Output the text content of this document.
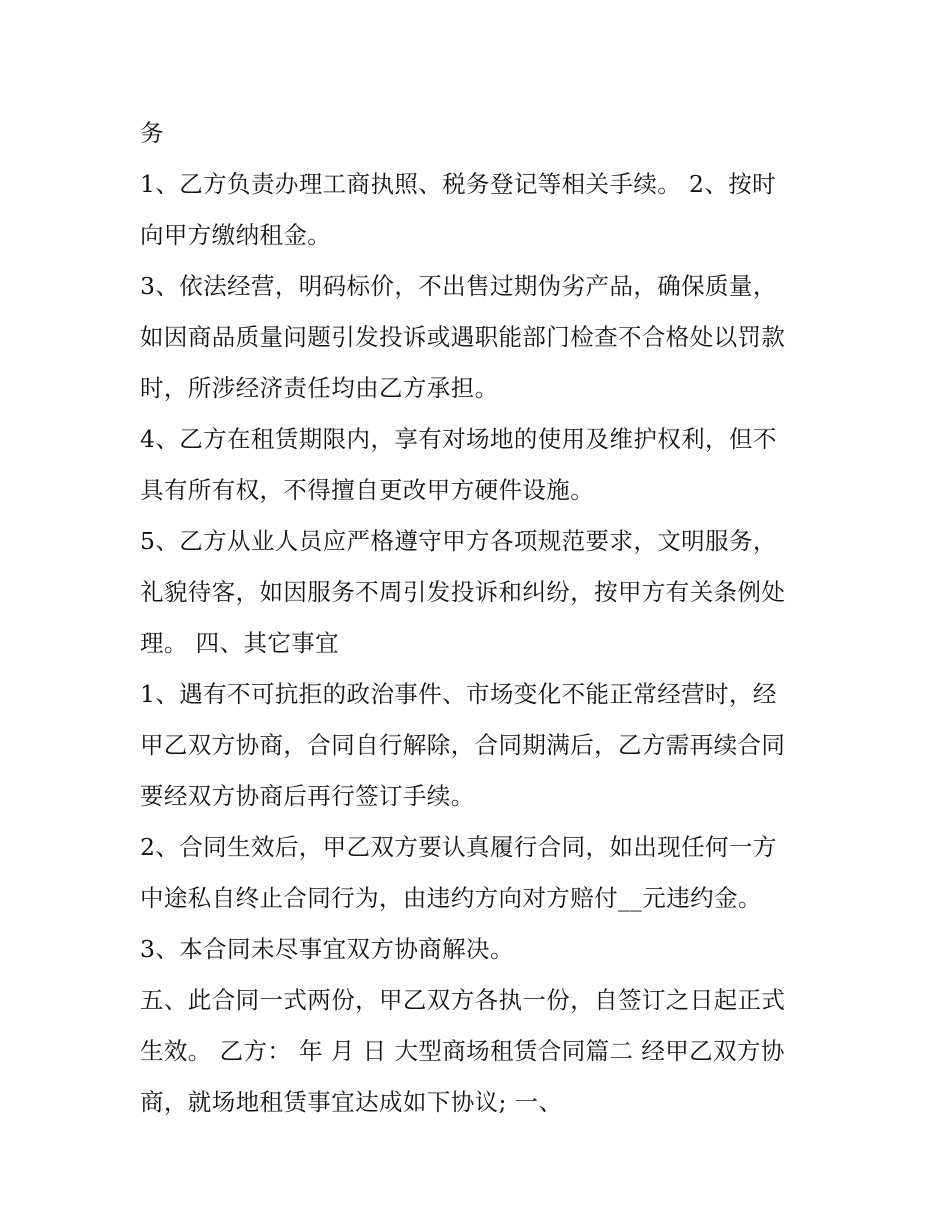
务
1、乙方负责办理工商执照、税务登记等相关手续。 2、按时
向甲方缴纳租金。
3、依法经营，明码标价，不出售过期伪劣产品，确保质量，
如因商品质量问题引发投诉或遇职能部门检查不合格处以罚款
时，所涉经济责任均由乙方承担。
4、乙方在租赁期限内，享有对场地的使用及维护权利，但不
具有所有权，不得擅自更改甲方硬件设施。
5、乙方从业人员应严格遵守甲方各项规范要求，文明服务，
礼貌待客，如因服务不周引发投诉和纠纷，按甲方有关条例处
理。 四、其它事宜
1、遇有不可抗拒的政治事件、市场变化不能正常经营时，经
甲乙双方协商，合同自行解除，合同期满后，乙方需再续合同
要经双方协商后再行签订手续。
2、合同生效后，甲乙双方要认真履行合同，如出现任何一方
中途私自终止合同行为，由违约方向对方赔付__元违约金。
3、本合同未尽事宜双方协商解决。
五、此合同一式两份，甲乙双方各执一份，自签订之日起正式
生效。 乙方： 年 月 日 大型商场租赁合同篇二 经甲乙双方协
商，就场地租赁事宜达成如下协议; 一、
